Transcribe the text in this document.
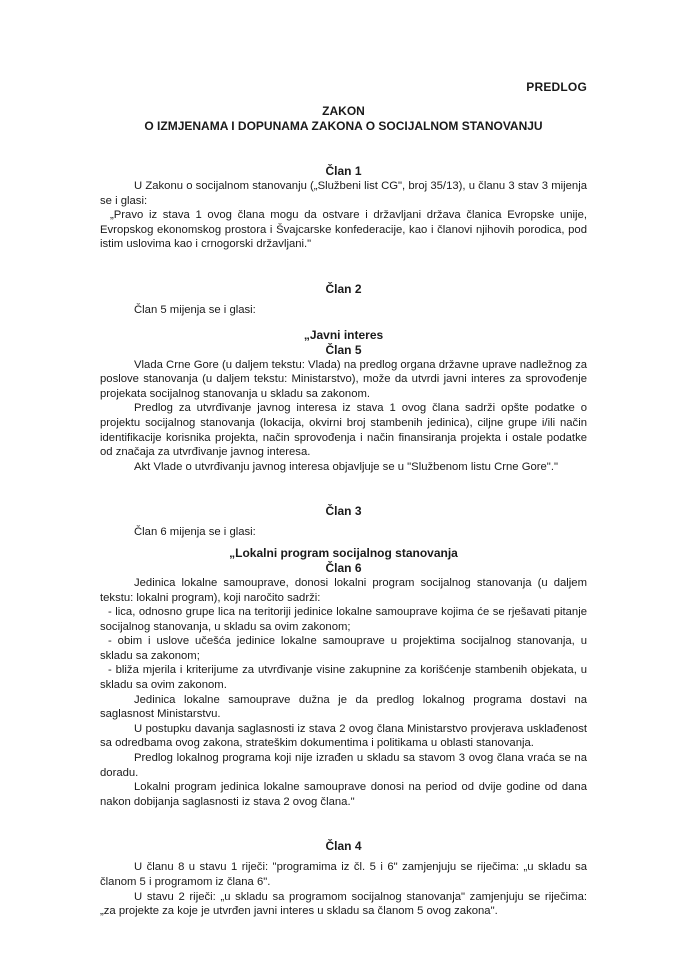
PREDLOG
ZAKON
O IZMJENAMA I DOPUNAMA ZAKONA O SOCIJALNOM STANOVANJU
Član 1

U Zakonu o socijalnom stanovanju („Službeni list CG", broj 35/13), u članu 3 stav 3 mijenja se i glasi:

„Pravo iz stava 1 ovog člana mogu da ostvare i državljani država članica Evropske unije, Evropskog ekonomskog prostora i Švajcarske konfederacije, kao i članovi njihovih porodica, pod istim uslovima kao i crnogorski državljani."

Član 2

Član 5 mijenja se i glasi:

„Javni interes
Član 5

Vlada Crne Gore (u daljem tekstu: Vlada) na predlog organa državne uprave nadležnog za poslove stanovanja (u daljem tekstu: Ministarstvo), može da utvrdi javni interes za sprovođenje projekata socijalnog stanovanja u skladu sa zakonom.

Predlog za utvrđivanje javnog interesa iz stava 1 ovog člana sadrži opšte podatke o projektu socijalnog stanovanja (lokacija, okvirni broj stambenih jedinica), ciljne grupe i/ili način identifikacije korisnika projekta, način sprovođenja i način finansiranja projekta i ostale podatke od značaja za utvrđivanje javnog interesa.

Akt Vlade o utvrđivanju javnog interesa objavljuje se u "Službenom listu Crne Gore"."

Član 3

Član 6 mijenja se i glasi:

„Lokalni program socijalnog stanovanja
Član 6

Jedinica lokalne samouprave, donosi lokalni program socijalnog stanovanja (u daljem tekstu: lokalni program), koji naročito sadrži:

- lica, odnosno grupe lica na teritoriji jedinice lokalne samouprave kojima će se rješavati pitanje socijalnog stanovanja, u skladu sa ovim zakonom;

- obim i uslove učešća jedinice lokalne samouprave u projektima socijalnog stanovanja, u skladu sa zakonom;

- bliža mjerila i kriterijume za utvrđivanje visine zakupnine za korišćenje stambenih objekata, u skladu sa ovim zakonom.

Jedinica lokalne samouprave dužna je da predlog lokalnog programa dostavi na saglasnost Ministarstvu.

U postupku davanja saglasnosti iz stava 2 ovog člana Ministarstvo provjerava usklađenost sa odredbama ovog zakona, strateškim dokumentima i politikama u oblasti stanovanja.

Predlog lokalnog programa koji nije izrađen u skladu sa stavom 3 ovog člana vraća se na doradu.

Lokalni program jedinica lokalne samouprave donosi na period od dvije godine od dana nakon dobijanja saglasnosti iz stava 2 ovog člana."

Član 4

U članu 8 u stavu 1 riječi: "programima iz čl. 5 i 6" zamjenjuju se riječima: „u skladu sa članom 5 i programom iz člana 6".

U stavu 2 riječi: „u skladu sa programom socijalnog stanovanja" zamjenjuju se riječima: „za projekte za koje je utvrđen javni interes u skladu sa članom 5 ovog zakona".
